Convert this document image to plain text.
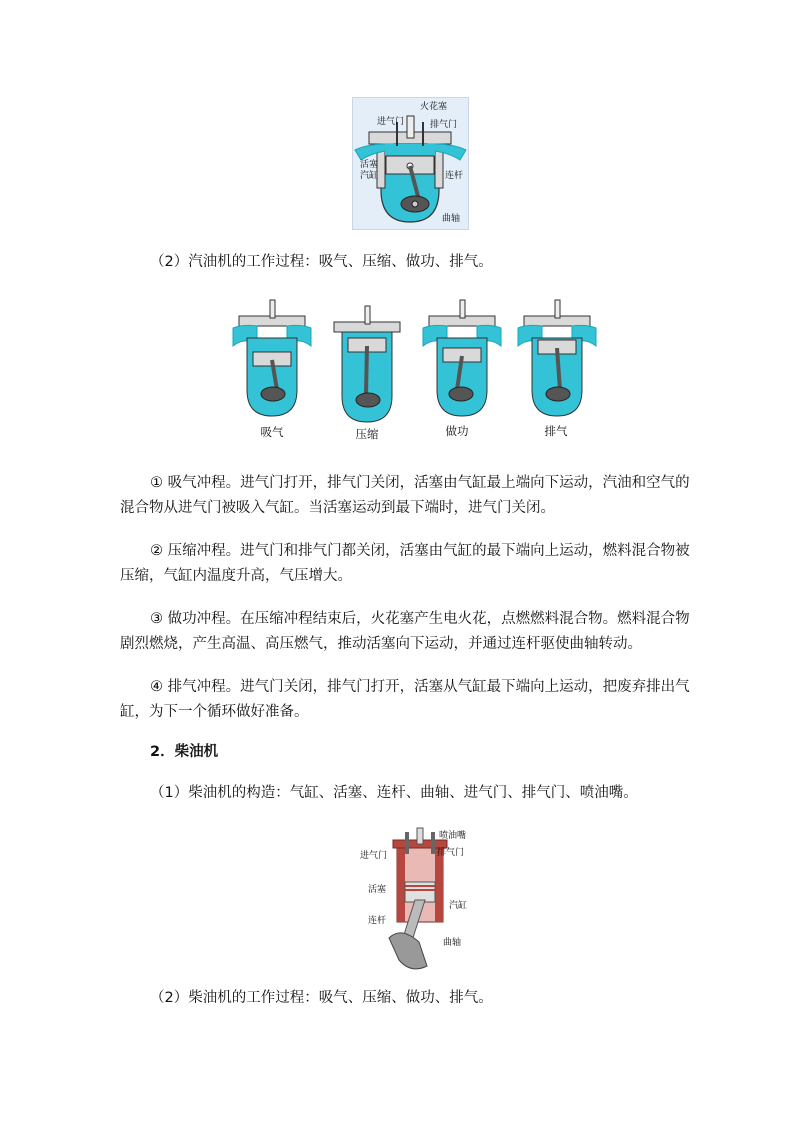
火花塞
进气门	排气门
活塞
汽缸	连杆
曲轴
（2）汽油机的工作过程：吸气、压缩、做功、排气。
吸气	压缩	做功	排气
① 吸气冲程。进气门打开，排气门关闭，活塞由气缸最上端向下运动，汽油和空气的
混合物从进气门被吸入气缸。当活塞运动到最下端时，进气门关闭。
② 压缩冲程。进气门和排气门都关闭，活塞由气缸的最下端向上运动，燃料混合物被
压缩，气缸内温度升高，气压增大。
③ 做功冲程。在压缩冲程结束后，火花塞产生电火花，点燃燃料混合物。燃料混合物
剧烈燃烧，产生高温、高压燃气，推动活塞向下运动，并通过连杆驱使曲轴转动。
④ 排气冲程。进气门关闭，排气门打开，活塞从气缸最下端向上运动，把废弃排出气
缸，为下一个循环做好准备。
2．柴油机
（1）柴油机的构造：气缸、活塞、连杆、曲轴、进气门、排气门、喷油嘴。
喷油嘴
进气门	排气门
活塞
汽缸
连杆
曲轴
（2）柴油机的工作过程：吸气、压缩、做功、排气。
